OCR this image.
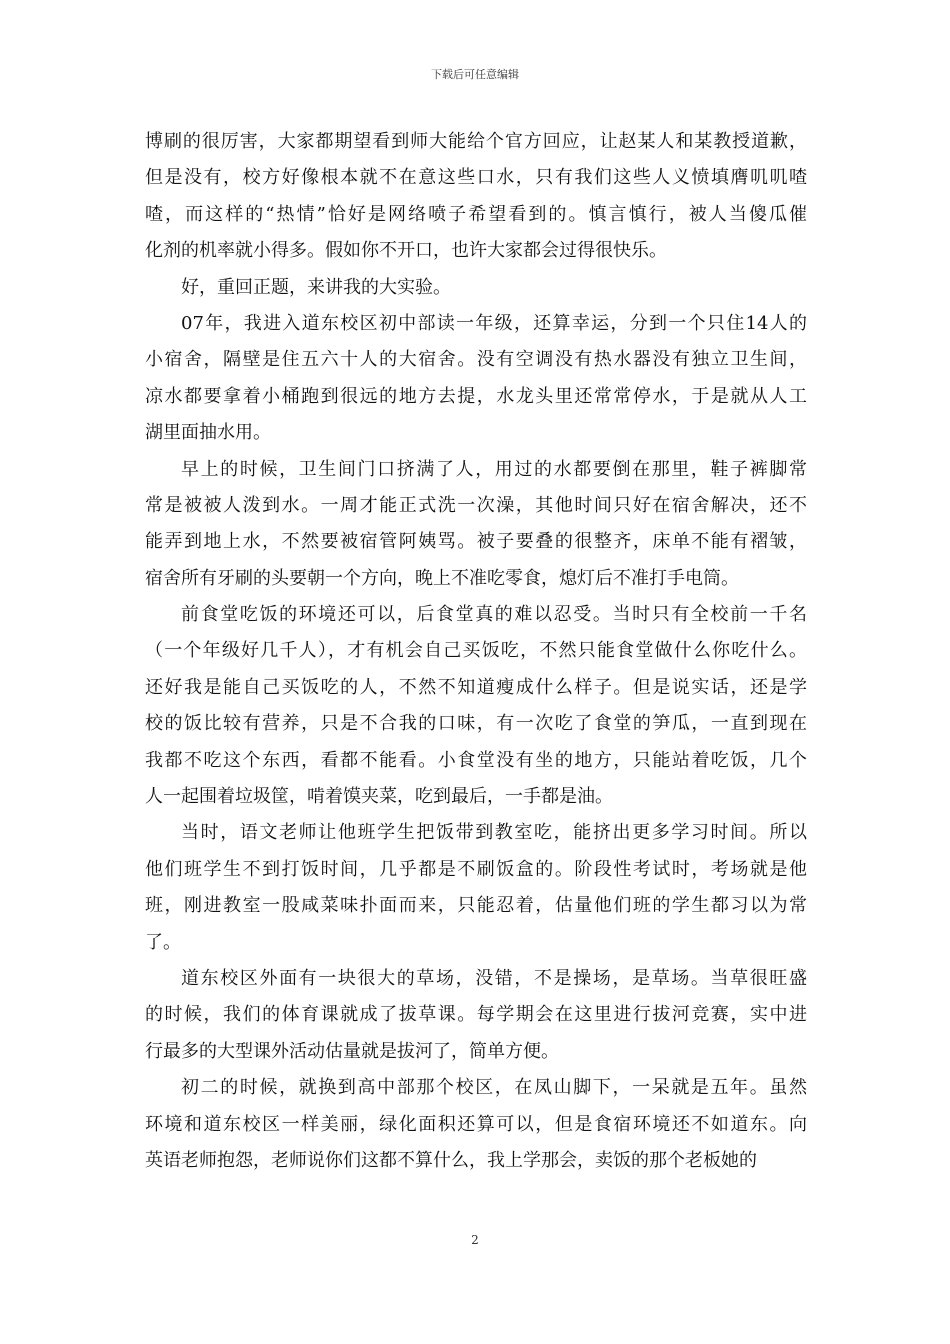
下载后可任意编辑
博刷的很厉害，大家都期望看到师大能给个官方回应，让赵某人和某教授道歉，
但是没有，校方好像根本就不在意这些口水，只有我们这些人义愤填膺叽叽喳
喳，而这样的“热情”恰好是网络喷子希望看到的。慎言慎行，被人当傻瓜催
化剂的机率就小得多。假如你不开口，也许大家都会过得很快乐。
好，重回正题，来讲我的大实验。
07年，我进入道东校区初中部读一年级，还算幸运，分到一个只住14人的
小宿舍，隔壁是住五六十人的大宿舍。没有空调没有热水器没有独立卫生间，
凉水都要拿着小桶跑到很远的地方去提，水龙头里还常常停水，于是就从人工
湖里面抽水用。
早上的时候，卫生间门口挤满了人，用过的水都要倒在那里，鞋子裤脚常
常是被被人泼到水。一周才能正式洗一次澡，其他时间只好在宿舍解决，还不
能弄到地上水，不然要被宿管阿姨骂。被子要叠的很整齐，床单不能有褶皱，
宿舍所有牙刷的头要朝一个方向，晚上不准吃零食，熄灯后不准打手电筒。
前食堂吃饭的环境还可以，后食堂真的难以忍受。当时只有全校前一千名
（一个年级好几千人），才有机会自己买饭吃，不然只能食堂做什么你吃什么。
还好我是能自己买饭吃的人，不然不知道瘦成什么样子。但是说实话，还是学
校的饭比较有营养，只是不合我的口味，有一次吃了食堂的笋瓜，一直到现在
我都不吃这个东西，看都不能看。小食堂没有坐的地方，只能站着吃饭，几个
人一起围着垃圾筐，啃着馍夹菜，吃到最后，一手都是油。
当时，语文老师让他班学生把饭带到教室吃，能挤出更多学习时间。所以
他们班学生不到打饭时间，几乎都是不刷饭盒的。阶段性考试时，考场就是他
班，刚进教室一股咸菜味扑面而来，只能忍着，估量他们班的学生都习以为常
了。
道东校区外面有一块很大的草场，没错，不是操场，是草场。当草很旺盛
的时候，我们的体育课就成了拔草课。每学期会在这里进行拔河竞赛，实中进
行最多的大型课外活动估量就是拔河了，简单方便。
初二的时候，就换到高中部那个校区，在凤山脚下，一呆就是五年。虽然
环境和道东校区一样美丽，绿化面积还算可以，但是食宿环境还不如道东。向
英语老师抱怨，老师说你们这都不算什么，我上学那会，卖饭的那个老板她的
2
